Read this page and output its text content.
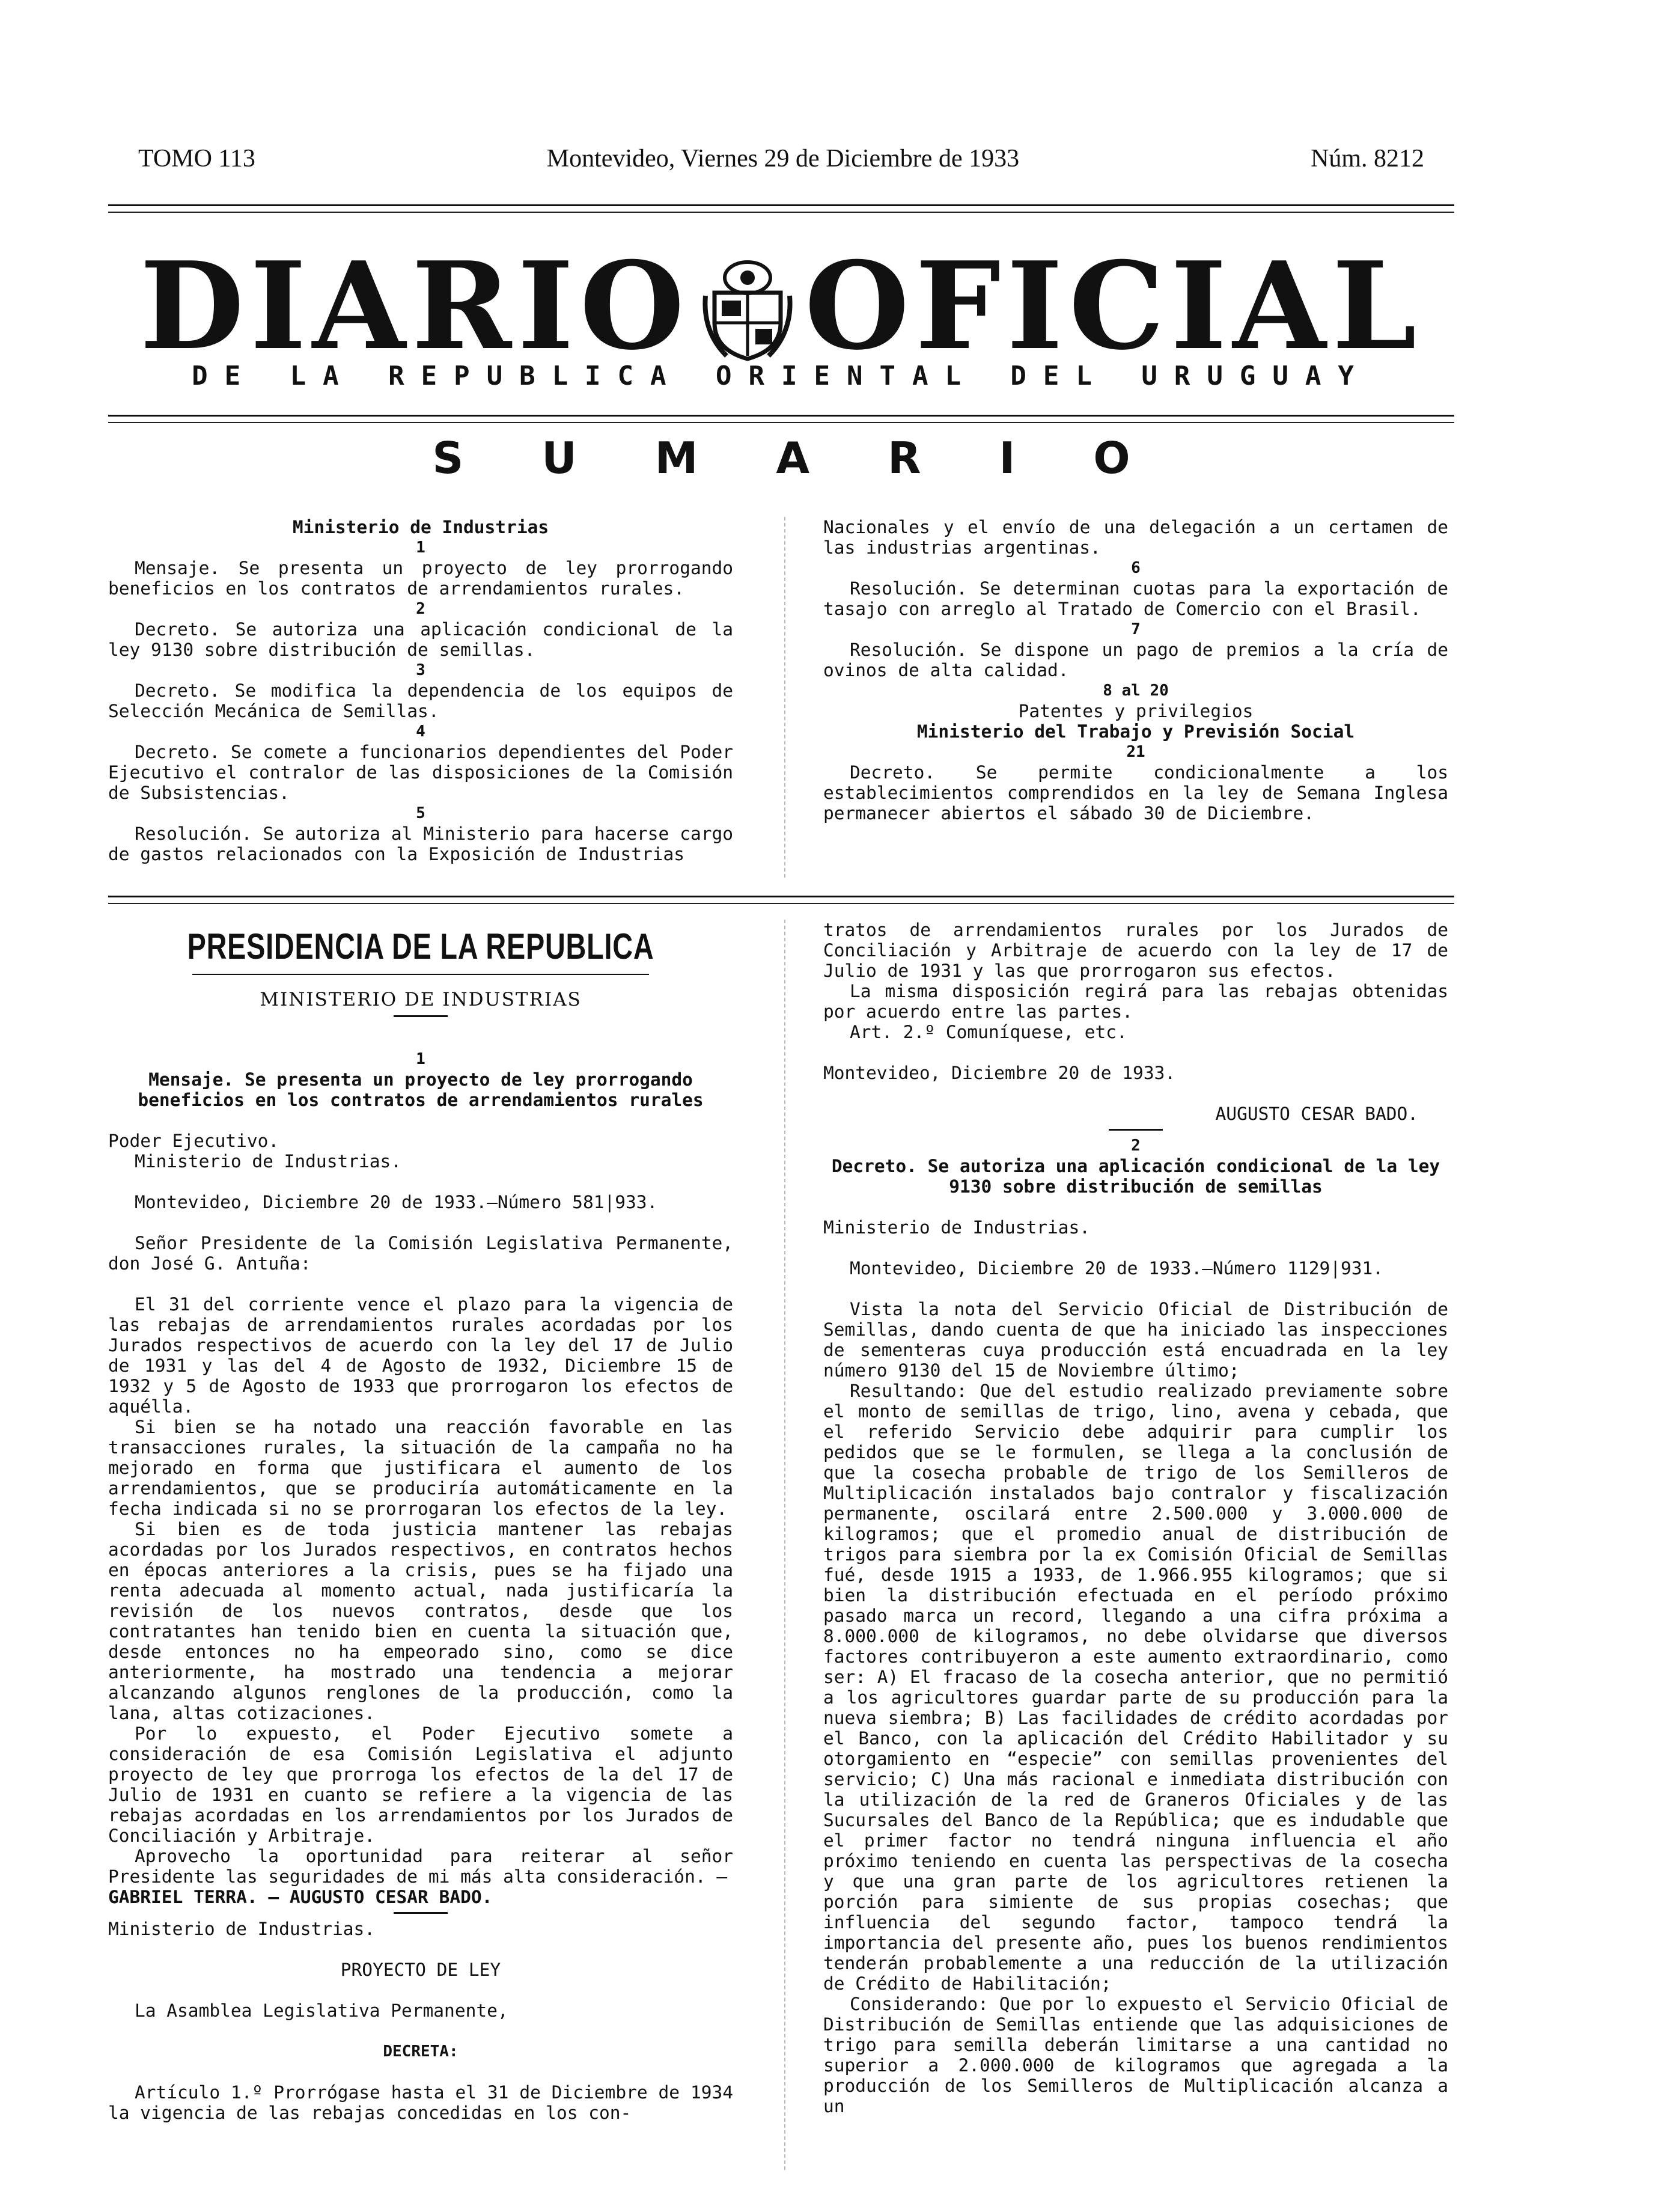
TOMO 113	Montevideo, Viernes 29 de Diciembre de 1933	Núm. 8212
DIARIO OFICIAL
DE LA REPUBLICA ORIENTAL DEL URUGUAY
SUMARIO

Ministerio de Industrias

1

Mensaje. Se presenta un proyecto de ley prorrogando beneficios en los contratos de arrendamientos rurales.

2

Decreto. Se autoriza una aplicación condicional de la ley 9130 sobre distribución de semillas.

3

Decreto. Se modifica la dependencia de los equipos de Selección Mecánica de Semillas.

4

Decreto. Se comete a funcionarios dependientes del Poder Ejecutivo el contralor de las disposiciones de la Comisión de Subsistencias.

5

Resolución. Se autoriza al Ministerio para hacerse cargo de gastos relacionados con la Exposición de Industrias

Nacionales y el envío de una delegación a un certamen de las industrias argentinas.

6

Resolución. Se determinan cuotas para la exportación de tasajo con arreglo al Tratado de Comercio con el Brasil.

7

Resolución. Se dispone un pago de premios a la cría de ovinos de alta calidad.

8 al 20

Patentes y privilegios

Ministerio del Trabajo y Previsión Social

21

Decreto. Se permite condicionalmente a los establecimientos comprendidos en la ley de Semana Inglesa permanecer abiertos el sábado 30 de Diciembre.

PRESIDENCIA DE LA REPUBLICA
MINISTERIO DE INDUSTRIAS

1

Mensaje. Se presenta un proyecto de ley prorrogando beneficios en los contratos de arrendamientos rurales

Poder Ejecutivo.

Ministerio de Industrias.

Montevideo, Diciembre 20 de 1933.—Número 581|933.

Señor Presidente de la Comisión Legislativa Permanente, don José G. Antuña:

El 31 del corriente vence el plazo para la vigencia de las rebajas de arrendamientos rurales acordadas por los Jurados respectivos de acuerdo con la ley del 17 de Julio de 1931 y las del 4 de Agosto de 1932, Diciembre 15 de 1932 y 5 de Agosto de 1933 que prorrogaron los efectos de aquélla.

Si bien se ha notado una reacción favorable en las transacciones rurales, la situación de la campaña no ha mejorado en forma que justificara el aumento de los arrendamientos, que se produciría automáticamente en la fecha indicada si no se prorrogaran los efectos de la ley.

Si bien es de toda justicia mantener las rebajas acordadas por los Jurados respectivos, en contratos hechos en épocas anteriores a la crisis, pues se ha fijado una renta adecuada al momento actual, nada justificaría la revisión de los nuevos contratos, desde que los contratantes han tenido bien en cuenta la situación que, desde entonces no ha empeorado sino, como se dice anteriormente, ha mostrado una tendencia a mejorar alcanzando algunos renglones de la producción, como la lana, altas cotizaciones.

Por lo expuesto, el Poder Ejecutivo somete a consideración de esa Comisión Legislativa el adjunto proyecto de ley que prorroga los efectos de la del 17 de Julio de 1931 en cuanto se refiere a la vigencia de las rebajas acordadas en los arrendamientos por los Jurados de Conciliación y Arbitraje.

Aprovecho la oportunidad para reiterar al señor Presidente las seguridades de mi más alta consideración. —

GABRIEL TERRA. — AUGUSTO CESAR BADO.

Ministerio de Industrias.

PROYECTO DE LEY

La Asamblea Legislativa Permanente,

DECRETA:

Artículo 1.º Prorrógase hasta el 31 de Diciembre de 1934 la vigencia de las rebajas concedidas en los con-

tratos de arrendamientos rurales por los Jurados de Conciliación y Arbitraje de acuerdo con la ley de 17 de Julio de 1931 y las que prorrogaron sus efectos.

La misma disposición regirá para las rebajas obtenidas por acuerdo entre las partes.

Art. 2.º Comuníquese, etc.

Montevideo, Diciembre 20 de 1933.

AUGUSTO CESAR BADO.

2

Decreto. Se autoriza una aplicación condicional de la ley 9130 sobre distribución de semillas

Ministerio de Industrias.

Montevideo, Diciembre 20 de 1933.—Número 1129|931.

Vista la nota del Servicio Oficial de Distribución de Semillas, dando cuenta de que ha iniciado las inspecciones de sementeras cuya producción está encuadrada en la ley número 9130 del 15 de Noviembre último;

Resultando: Que del estudio realizado previamente sobre el monto de semillas de trigo, lino, avena y cebada, que el referido Servicio debe adquirir para cumplir los pedidos que se le formulen, se llega a la conclusión de que la cosecha probable de trigo de los Semilleros de Multiplicación instalados bajo contralor y fiscalización permanente, oscilará entre 2.500.000 y 3.000.000 de kilogramos; que el promedio anual de distribución de trigos para siembra por la ex Comisión Oficial de Semillas fué, desde 1915 a 1933, de 1.966.955 kilogramos; que si bien la distribución efectuada en el período próximo pasado marca un record, llegando a una cifra próxima a 8.000.000 de kilogramos, no debe olvidarse que diversos factores contribuyeron a este aumento extraordinario, como ser: A) El fracaso de la cosecha anterior, que no permitió a los agricultores guardar parte de su producción para la nueva siembra; B) Las facilidades de crédito acordadas por el Banco, con la aplicación del Crédito Habilitador y su otorgamiento en “especie” con semillas provenientes del servicio; C) Una más racional e inmediata distribución con la utilización de la red de Graneros Oficiales y de las Sucursales del Banco de la República; que es indudable que el primer factor no tendrá ninguna influencia el año próximo teniendo en cuenta las perspectivas de la cosecha y que una gran parte de los agricultores retienen la porción para simiente de sus propias cosechas; que influencia del segundo factor, tampoco tendrá la importancia del presente año, pues los buenos rendimientos tenderán probablemente a una reducción de la utilización de Crédito de Habilitación;

Considerando: Que por lo expuesto el Servicio Oficial de Distribución de Semillas entiende que las adquisiciones de trigo para semilla deberán limitarse a una cantidad no superior a 2.000.000 de kilogramos que agregada a la producción de los Semilleros de Multiplicación alcanza a un
